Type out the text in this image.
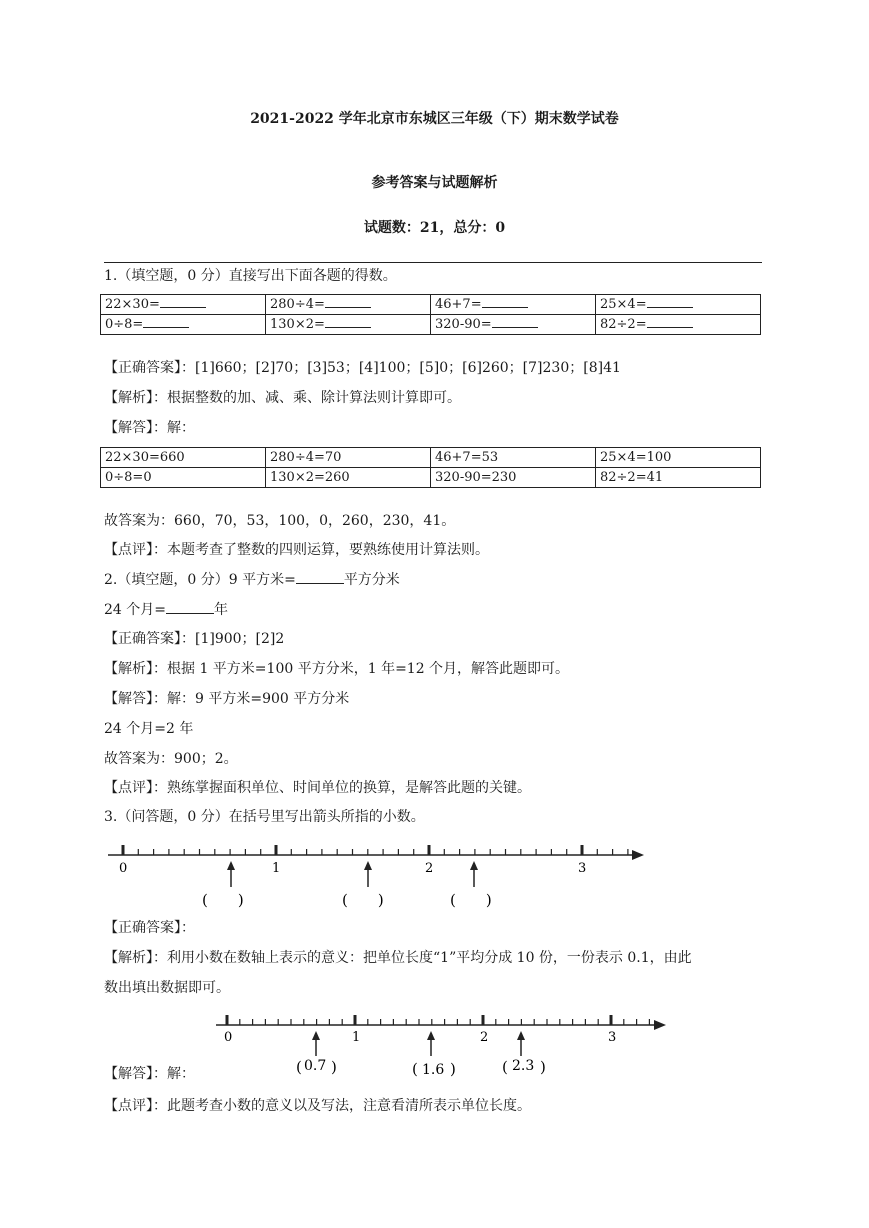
2021-2022 学年北京市东城区三年级（下）期末数学试卷
参考答案与试题解析
试题数：21，总分：0
1.（填空题，0 分）直接写出下面各题的得数。
22×30=	280÷4=	46+7=	25×4=
0÷8=	130×2=	320-90=	82÷2=
【正确答案】：[1]660；[2]70；[3]53；[4]100；[5]0；[6]260；[7]230；[8]41
【解析】：根据整数的加、减、乘、除计算法则计算即可。
【解答】：解：
22×30=660	280÷4=70	46+7=53	25×4=100
0÷8=0	130×2=260	320-90=230	82÷2=41
故答案为：660，70，53，100，0，260，230，41。
【点评】：本题考查了整数的四则运算，要熟练使用计算法则。
2.（填空题，0 分）9 平方米=	平方分米
24 个月=	年
【正确答案】：[1]900；[2]2
【解析】：根据 1 平方米=100 平方分米，1 年=12 个月，解答此题即可。
【解答】：解：9 平方米=900 平方分米
24 个月=2 年
故答案为：900；2。
【点评】：熟练掌握面积单位、时间单位的换算，是解答此题的关键。
3.（问答题，0 分）在括号里写出箭头所指的小数。
0	1	2	3
(　　)	(　　)	(　　)
【正确答案】：
【解析】：利用小数在数轴上表示的意义：把单位长度“1”平均分成 10 份，一份表示 0.1，由此
数出填出数据即可。
0	1	2	3
( 0.7 )	( 1.6 )	( 2.3 )
【解答】：解：
【点评】：此题考查小数的意义以及写法，注意看清所表示单位长度。
